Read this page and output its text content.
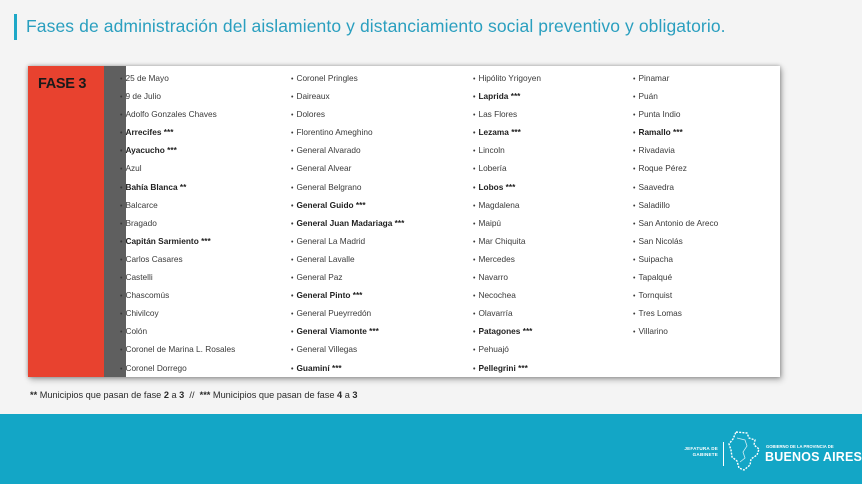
Fases de administración del aislamiento y distanciamiento social preventivo y obligatorio.
FASE 3
•	25 de Mayo
• 9 de Julio
• Adolfo Gonzales Chaves
• Arrecifes ***
• Ayacucho ***
• Azul
• Bahía Blanca **
• Balcarce
• Bragado
• Capitán Sarmiento ***
• Carlos Casares
• Castelli
• Chascomús
• Chivilcoy
• Colón
• Coronel de Marina L. Rosales
• Coronel Dorrego
• Coronel Pringles
• Daireaux
• Dolores
• Florentino Ameghino
• General Alvarado
• General Alvear
• General Belgrano
• General Guido ***
• General Juan Madariaga ***
• General La Madrid
• General Lavalle
• General Paz
• General Pinto ***
• General Pueyrredón
• General Viamonte ***
• General Villegas
• Guaminí ***
• Hipólito Yrigoyen
• Laprida ***
• Las Flores
• Lezama ***
• Lincoln
• Lobería
• Lobos ***
• Magdalena
• Maipú
• Mar Chiquita
• Mercedes
• Navarro
• Necochea
• Olavarría
• Patagones ***
• Pehuajó
• Pellegrini ***
• Pinamar
• Puán
• Punta Indio
• Ramallo ***
• Rivadavia
• Roque Pérez
• Saavedra
• Saladillo
• San Antonio de Areco
• San Nicolás
• Suipacha
• Tapalqué
• Tornquist
• Tres Lomas
• Villarino
** Municipios que pasan de fase 2 a 3  //  *** Municipios que pasan de fase 4 a 3
JEFATURA DE
GABINETE
GOBIERNO DE LA PROVINCIA DE
BUENOS AIRES
